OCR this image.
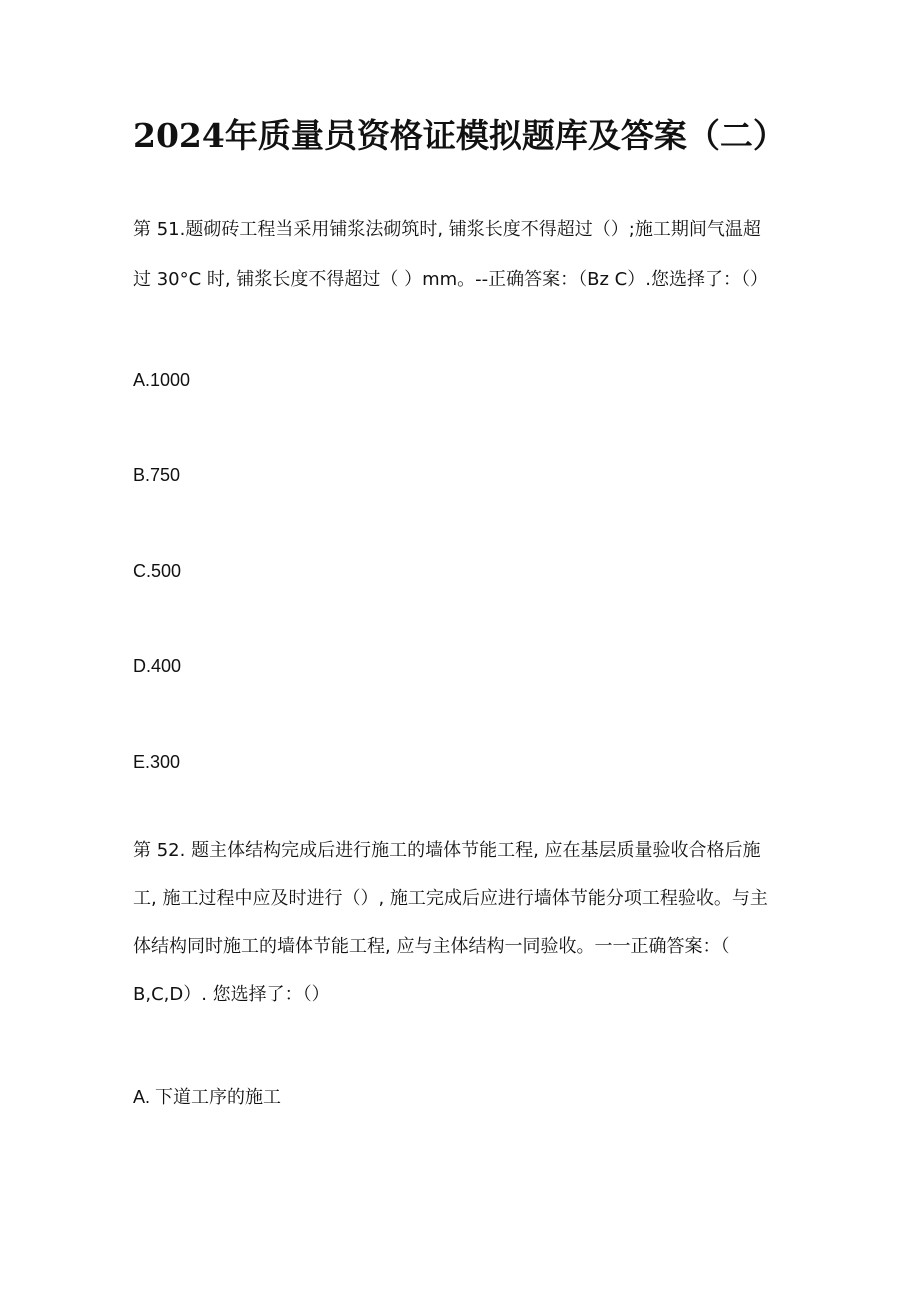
2024年质量员资格证模拟题库及答案（二）
第 51.题砌砖工程当采用铺浆法砌筑时, 铺浆长度不得超过（）;施工期间气温超
过 30°C 时, 铺浆长度不得超过（ ）mm。--正确答案：（Bz C）.您选择了：（）

A.1000

B.750

C.500

D.400

E.300

第 52. 题主体结构完成后进行施工的墙体节能工程, 应在基层质量验收合格后施
工, 施工过程中应及时进行（）, 施工完成后应进行墙体节能分项工程验收。与主
体结构同时施工的墙体节能工程, 应与主体结构一同验收。一一正确答案：（
B,C,D）. 您选择了：（）

A. 下道工序的施工
